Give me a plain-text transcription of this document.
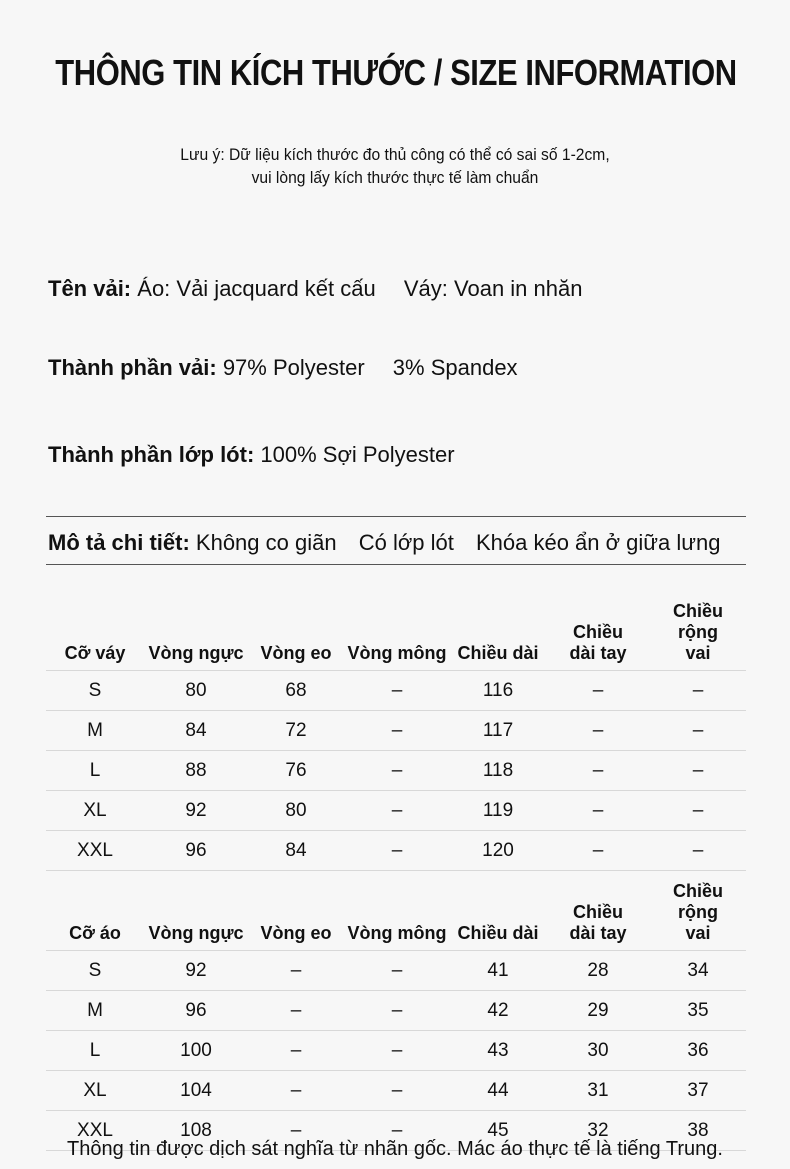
THÔNG TIN KÍCH THƯỚC / SIZE INFORMATION
Lưu ý: Dữ liệu kích thước đo thủ công có thể có sai số 1-2cm,
vui lòng lấy kích thước thực tế làm chuẩn
Tên vải: Áo: Vải jacquard kết cấu Váy: Voan in nhăn
Thành phần vải: 97% Polyester 3% Spandex
Thành phần lớp lót: 100% Sợi Polyester
Mô tả chi tiết: Không co giãn Có lớp lót Khóa kéo ẩn ở giữa lưng
Cỡ váy	Vòng ngực	Vòng eo	Vòng mông	Chiều dài	Chiều dài tay	Chiều rộng vai
S	80	68	–	116	–	–
M	84	72	–	117	–	–
L	88	76	–	118	–	–
XL	92	80	–	119	–	–
XXL	96	84	–	120	–	–
Cỡ áo	Vòng ngực	Vòng eo	Vòng mông	Chiều dài	Chiều dài tay	Chiều rộng vai
S	92	–	–	41	28	34
M	96	–	–	42	29	35
L	100	–	–	43	30	36
XL	104	–	–	44	31	37
XXL	108	–	–	45	32	38
Thông tin được dịch sát nghĩa từ nhãn gốc. Mác áo thực tế là tiếng Trung.
